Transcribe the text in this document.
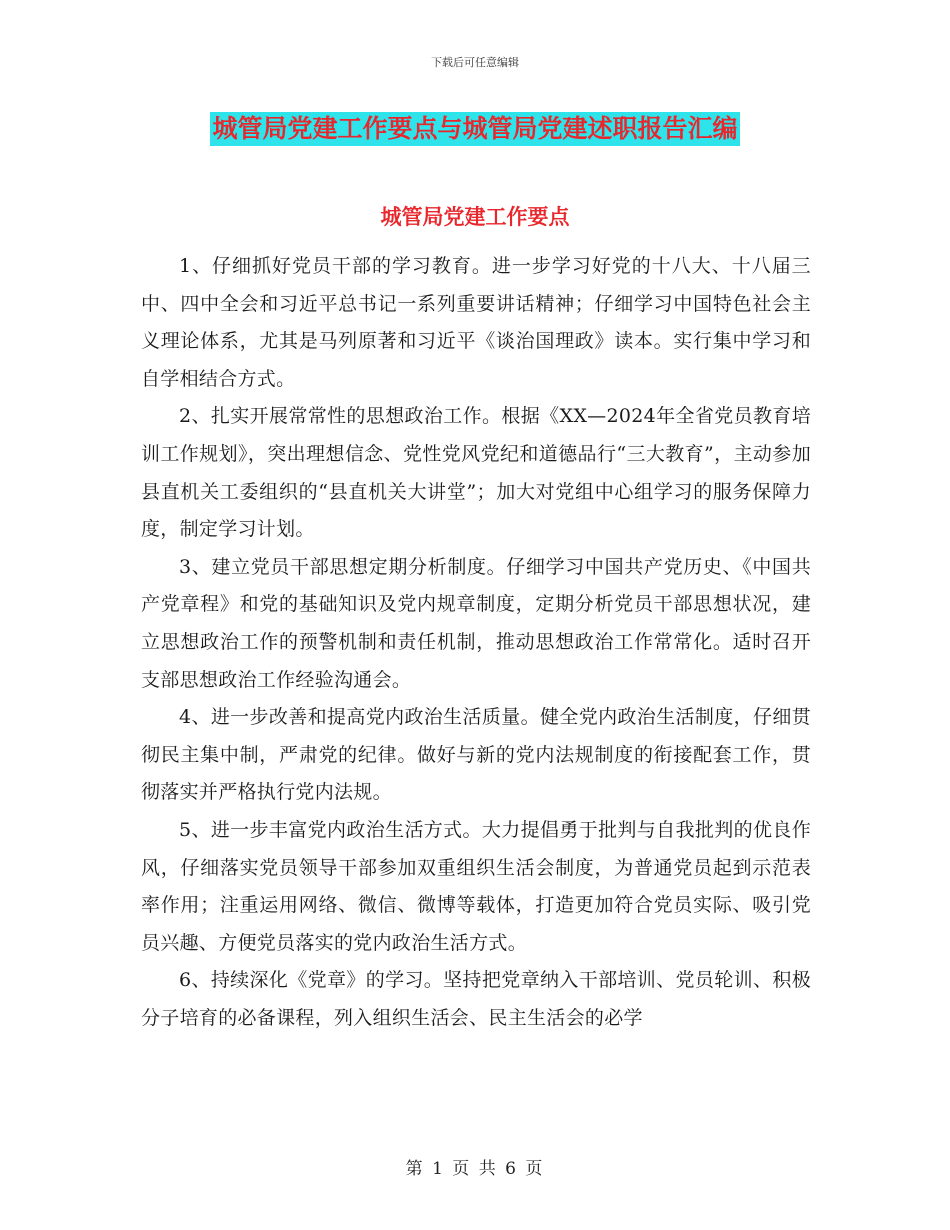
下载后可任意编辑
城管局党建工作要点与城管局党建述职报告汇编
城管局党建工作要点

1、仔细抓好党员干部的学习教育。进一步学习好党的十八大、十八届三中、四中全会和习近平总书记一系列重要讲话精神；仔细学习中国特色社会主义理论体系，尤其是马列原著和习近平《谈治国理政》读本。实行集中学习和自学相结合方式。

2、扎实开展常常性的思想政治工作。根据《XX—2024年全省党员教育培训工作规划》，突出理想信念、党性党风党纪和道德品行“三大教育”，主动参加县直机关工委组织的“县直机关大讲堂”；加大对党组中心组学习的服务保障力度，制定学习计划。

3、建立党员干部思想定期分析制度。仔细学习中国共产党历史、《中国共产党章程》和党的基础知识及党内规章制度，定期分析党员干部思想状况，建立思想政治工作的预警机制和责任机制，推动思想政治工作常常化。适时召开支部思想政治工作经验沟通会。

4、进一步改善和提高党内政治生活质量。健全党内政治生活制度，仔细贯彻民主集中制，严肃党的纪律。做好与新的党内法规制度的衔接配套工作，贯彻落实并严格执行党内法规。

5、进一步丰富党内政治生活方式。大力提倡勇于批判与自我批判的优良作风，仔细落实党员领导干部参加双重组织生活会制度，为普通党员起到示范表率作用；注重运用网络、微信、微博等载体，打造更加符合党员实际、吸引党员兴趣、方便党员落实的党内政治生活方式。

6、持续深化《党章》的学习。坚持把党章纳入干部培训、党员轮训、积极分子培育的必备课程，列入组织生活会、民主生活会的必学

第 1 页 共 6 页
